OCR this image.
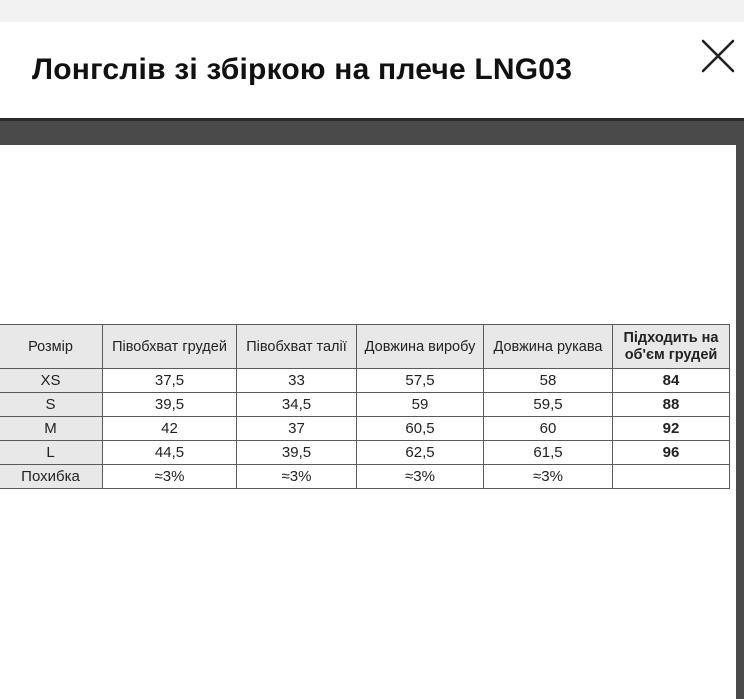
Лонгслів зі збіркою на плече LNG03
Розмір	Півобхват грудей	Півобхват талії	Довжина виробу	Довжина рукава	Підходить на об'єм грудей
XS	37,5	33	57,5	58	84
S	39,5	34,5	59	59,5	88
M	42	37	60,5	60	92
L	44,5	39,5	62,5	61,5	96
Похибка	≈3%	≈3%	≈3%	≈3%	
